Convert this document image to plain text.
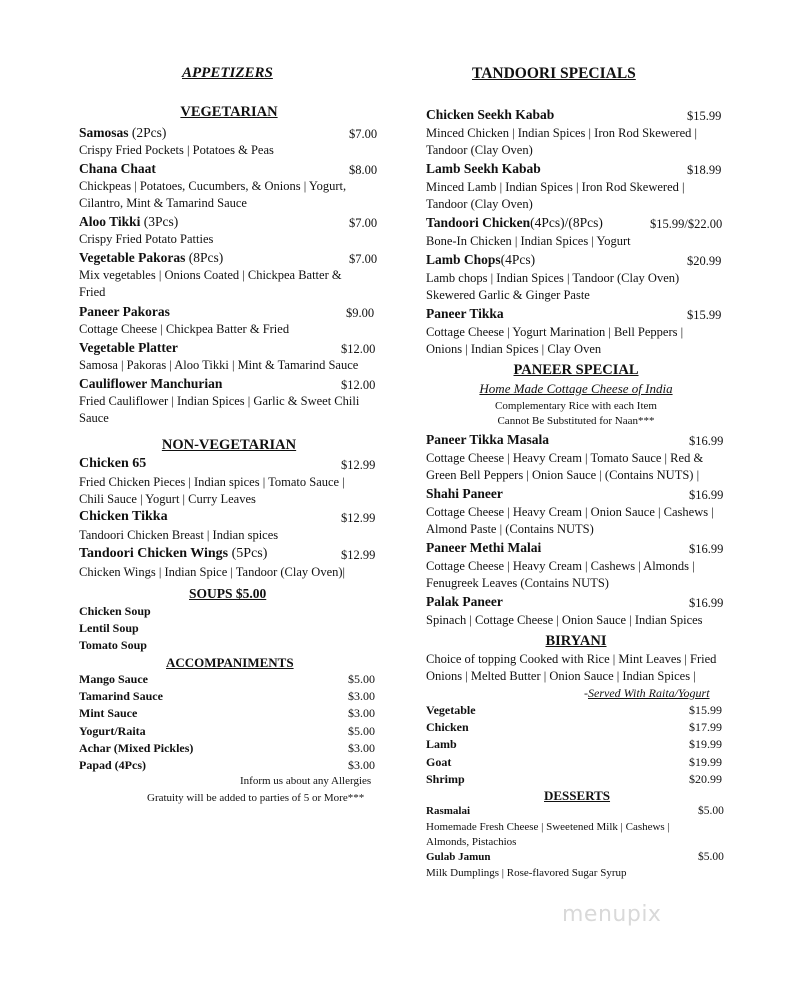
APPETIZERS
VEGETARIAN
Samosas (2Pcs)	$7.00
Crispy Fried Pockets | Potatoes & Peas
Chana Chaat	$8.00
Chickpeas | Potatoes, Cucumbers, & Onions | Yogurt,
Cilantro, Mint & Tamarind Sauce
Aloo Tikki (3Pcs)	$7.00
Crispy Fried Potato Patties
Vegetable Pakoras (8Pcs)	$7.00
Mix vegetables | Onions Coated | Chickpea Batter &
Fried
Paneer Pakoras	$9.00
Cottage Cheese | Chickpea Batter & Fried
Vegetable Platter	$12.00
Samosa | Pakoras | Aloo Tikki | Mint & Tamarind Sauce
Cauliflower Manchurian	$12.00
Fried Cauliflower | Indian Spices | Garlic & Sweet Chili
Sauce
NON-VEGETARIAN
Chicken 65	$12.99
Fried Chicken Pieces | Indian spices | Tomato Sauce |
Chili Sauce | Yogurt | Curry Leaves
Chicken Tikka	$12.99
Tandoori Chicken Breast | Indian spices
Tandoori Chicken Wings (5Pcs)	$12.99
Chicken Wings | Indian Spice | Tandoor (Clay Oven)|
SOUPS $5.00
Chicken Soup
Lentil Soup
Tomato Soup
ACCOMPANIMENTS
Mango Sauce	$5.00
Tamarind Sauce	$3.00
Mint Sauce	$3.00
Yogurt/Raita	$5.00
Achar (Mixed Pickles)	$3.00
Papad (4Pcs)	$3.00
Inform us about any Allergies
Gratuity will be added to parties of 5 or More***
TANDOORI SPECIALS
Chicken Seekh Kabab	$15.99
Minced Chicken | Indian Spices | Iron Rod Skewered |
Tandoor (Clay Oven)
Lamb Seekh Kabab	$18.99
Minced Lamb | Indian Spices | Iron Rod Skewered |
Tandoor (Clay Oven)
Tandoori Chicken(4Pcs)/(8Pcs)	$15.99/$22.00
Bone-In Chicken | Indian Spices | Yogurt
Lamb Chops(4Pcs)	$20.99
Lamb chops | Indian Spices | Tandoor (Clay Oven)
Skewered Garlic & Ginger Paste
Paneer Tikka	$15.99
Cottage Cheese | Yogurt Marination | Bell Peppers |
Onions | Indian Spices | Clay Oven
PANEER SPECIAL
Home Made Cottage Cheese of India
Complementary Rice with each Item
Cannot Be Substituted for Naan***
Paneer Tikka Masala	$16.99
Cottage Cheese | Heavy Cream | Tomato Sauce | Red &
Green Bell Peppers | Onion Sauce | (Contains NUTS) |
Shahi Paneer	$16.99
Cottage Cheese | Heavy Cream | Onion Sauce | Cashews |
Almond Paste | (Contains NUTS)
Paneer Methi Malai	$16.99
Cottage Cheese | Heavy Cream | Cashews | Almonds |
Fenugreek Leaves (Contains NUTS)
Palak Paneer	$16.99
Spinach | Cottage Cheese | Onion Sauce | Indian Spices
BIRYANI
Choice of topping Cooked with Rice | Mint Leaves | Fried
Onions | Melted Butter | Onion Sauce | Indian Spices |
-Served With Raita/Yogurt
Vegetable	$15.99
Chicken	$17.99
Lamb	$19.99
Goat	$19.99
Shrimp	$20.99
DESSERTS
Rasmalai	$5.00
Homemade Fresh Cheese | Sweetened Milk | Cashews |
Almonds, Pistachios
Gulab Jamun	$5.00
Milk Dumplings | Rose-flavored Sugar Syrup
menupix
